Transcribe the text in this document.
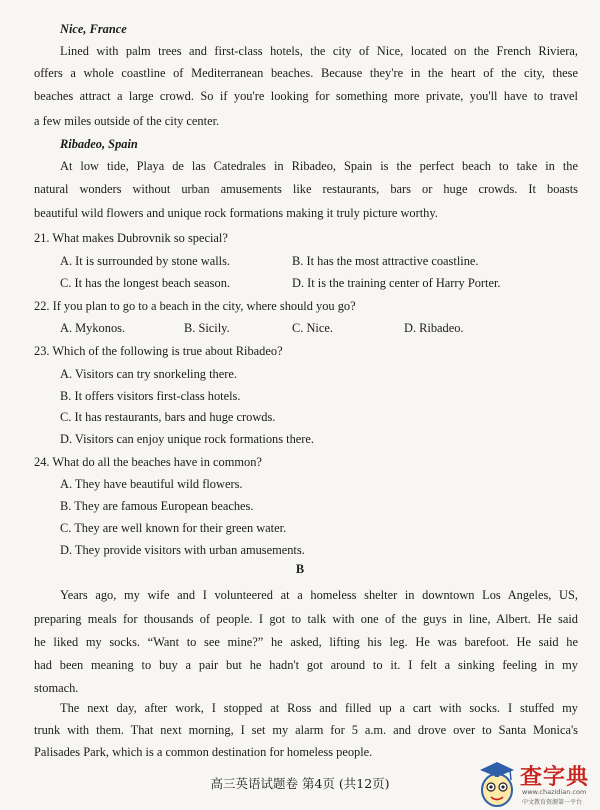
Nice, France
Lined with palm trees and first-class hotels, the city of Nice, located on the French Riviera,
offers a whole coastline of Mediterranean beaches. Because they're in the heart of the city, these
beaches attract a large crowd. So if you're looking for something more private, you'll have to travel
a few miles outside of the city center.
Ribadeo, Spain
At low tide, Playa de las Catedrales in Ribadeo, Spain is the perfect beach to take in the
natural wonders without urban amusements like restaurants, bars or huge crowds. It boasts
beautiful wild flowers and unique rock formations making it truly picture worthy.
21. What makes Dubrovnik so special?
A. It is surrounded by stone walls.	B. It has the most attractive coastline.
C. It has the longest beach season.	D. It is the training center of Harry Porter.
22. If you plan to go to a beach in the city, where should you go?
A. Mykonos.	B. Sicily.	C. Nice.	D. Ribadeo.
23. Which of the following is true about Ribadeo?
A. Visitors can try snorkeling there.
B. It offers visitors first-class hotels.
C. It has restaurants, bars and huge crowds.
D. Visitors can enjoy unique rock formations there.
24. What do all the beaches have in common?
A. They have beautiful wild flowers.
B. They are famous European beaches.
C. They are well known for their green water.
D. They provide visitors with urban amusements.
B
Years ago, my wife and I volunteered at a homeless shelter in downtown Los Angeles, US,
preparing meals for thousands of people. I got to talk with one of the guys in line, Albert. He said
he liked my socks. “Want to see mine?” he asked, lifting his leg. He was barefoot. He said he
had been meaning to buy a pair but he hadn't got around to it. I felt a sinking feeling in my
stomach.
The next day, after work, I stopped at Ross and filled up a cart with socks. I stuffed my
trunk with them. That next morning, I set my alarm for 5 a.m. and drove over to Santa Monica's
Palisades Park, which is a common destination for homeless people.
高三英语试题卷 第4页 (共12页)	查字典
www.chazidian.com
中文教育资源第一平台
